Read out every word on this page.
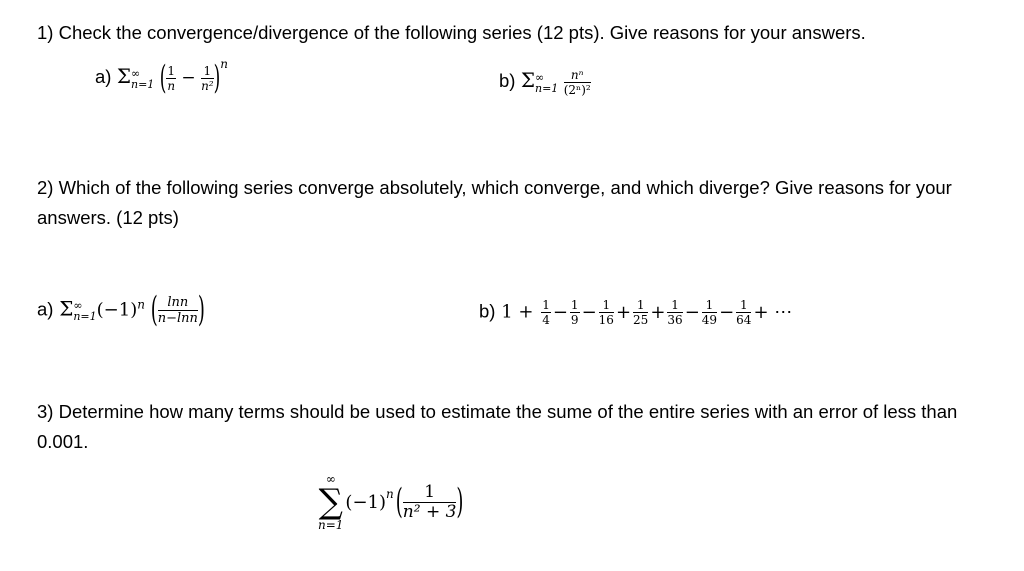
1) Check the convergence/divergence of the following series (12 pts). Give reasons for your answers.
a) Σ ∞
n=1 ( $\frac{1}{n} - \frac{1}{\text{n²}} )^n$
b) Σ ∞
n=1
$\frac{\text{nⁿ}}{\text{(2ⁿ)²}}$
2) Which of the following series converge absolutely, which converge, and which diverge? Give reasons for your answers. (12 pts)
a) Σ ∞
n=1 $(-1)^n$ ( $\frac{\ln n}{n-\ln n}$ )	b) $1 + \frac{1}{4} - \frac{1}{9} - \frac{1}{16} + \frac{1}{25} + \frac{1}{36} - \frac{1}{49} - \frac{1}{64}$ + ⋯
3) Determine how many terms should be used to estimate the sume of the entire series with an error of less than 0.001.
∞
∑
n=1
$(-1)^n$ ( $\frac{1}{\text{n² + 3}}$ )
